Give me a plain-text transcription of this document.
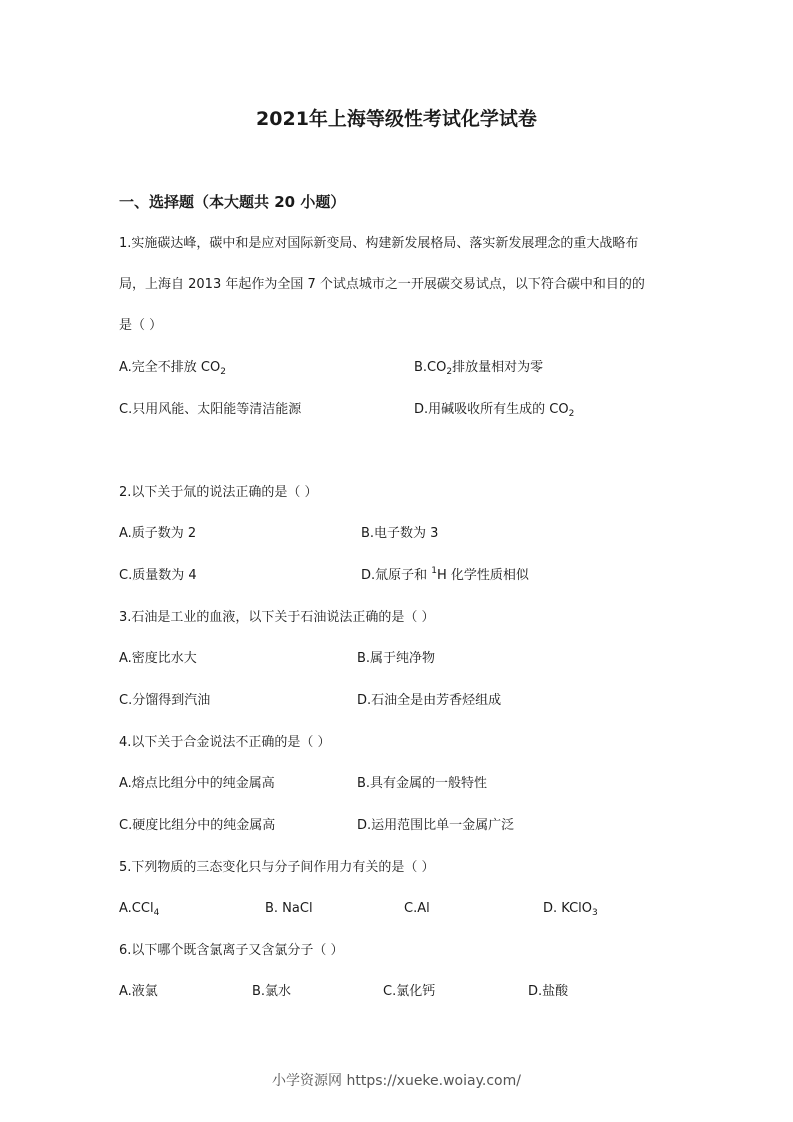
2021年上海等级性考试化学试卷
一、选择题（本大题共 20 小题）
1.实施碳达峰，碳中和是应对国际新变局、构建新发展格局、落实新发展理念的重大战略布
局，上海自 2013 年起作为全国 7 个试点城市之一开展碳交易试点，以下符合碳中和目的的
是（ ）
A.完全不排放 $CO_2$	$B.CO_2$排放量相对为零
C.只用风能、太阳能等清洁能源	D.用碱吸收所有生成的 $CO_2$
2.以下关于氚的说法正确的是（ ）
A.质子数为 2	B.电子数为 3
C.质量数为 4	D.氚原子和 $^1$H 化学性质相似
3.石油是工业的血液，以下关于石油说法正确的是（ ）
A.密度比水大	B.属于纯净物
C.分馏得到汽油	D.石油全是由芳香烃组成
4.以下关于合金说法不正确的是（ ）
A.熔点比组分中的纯金属高	B.具有金属的一般特性
C.硬度比组分中的纯金属高	D.运用范围比单一金属广泛
5.下列物质的三态变化只与分子间作用力有关的是（ ）
A.CCl$_4$	B. NaCl	C.Al	D. KClO$_3$
6.以下哪个既含氯离子又含氯分子（ ）
A.液氯	B.氯水	C.氯化钙	D.盐酸
小学资源网 https://xueke.woiay.com/
